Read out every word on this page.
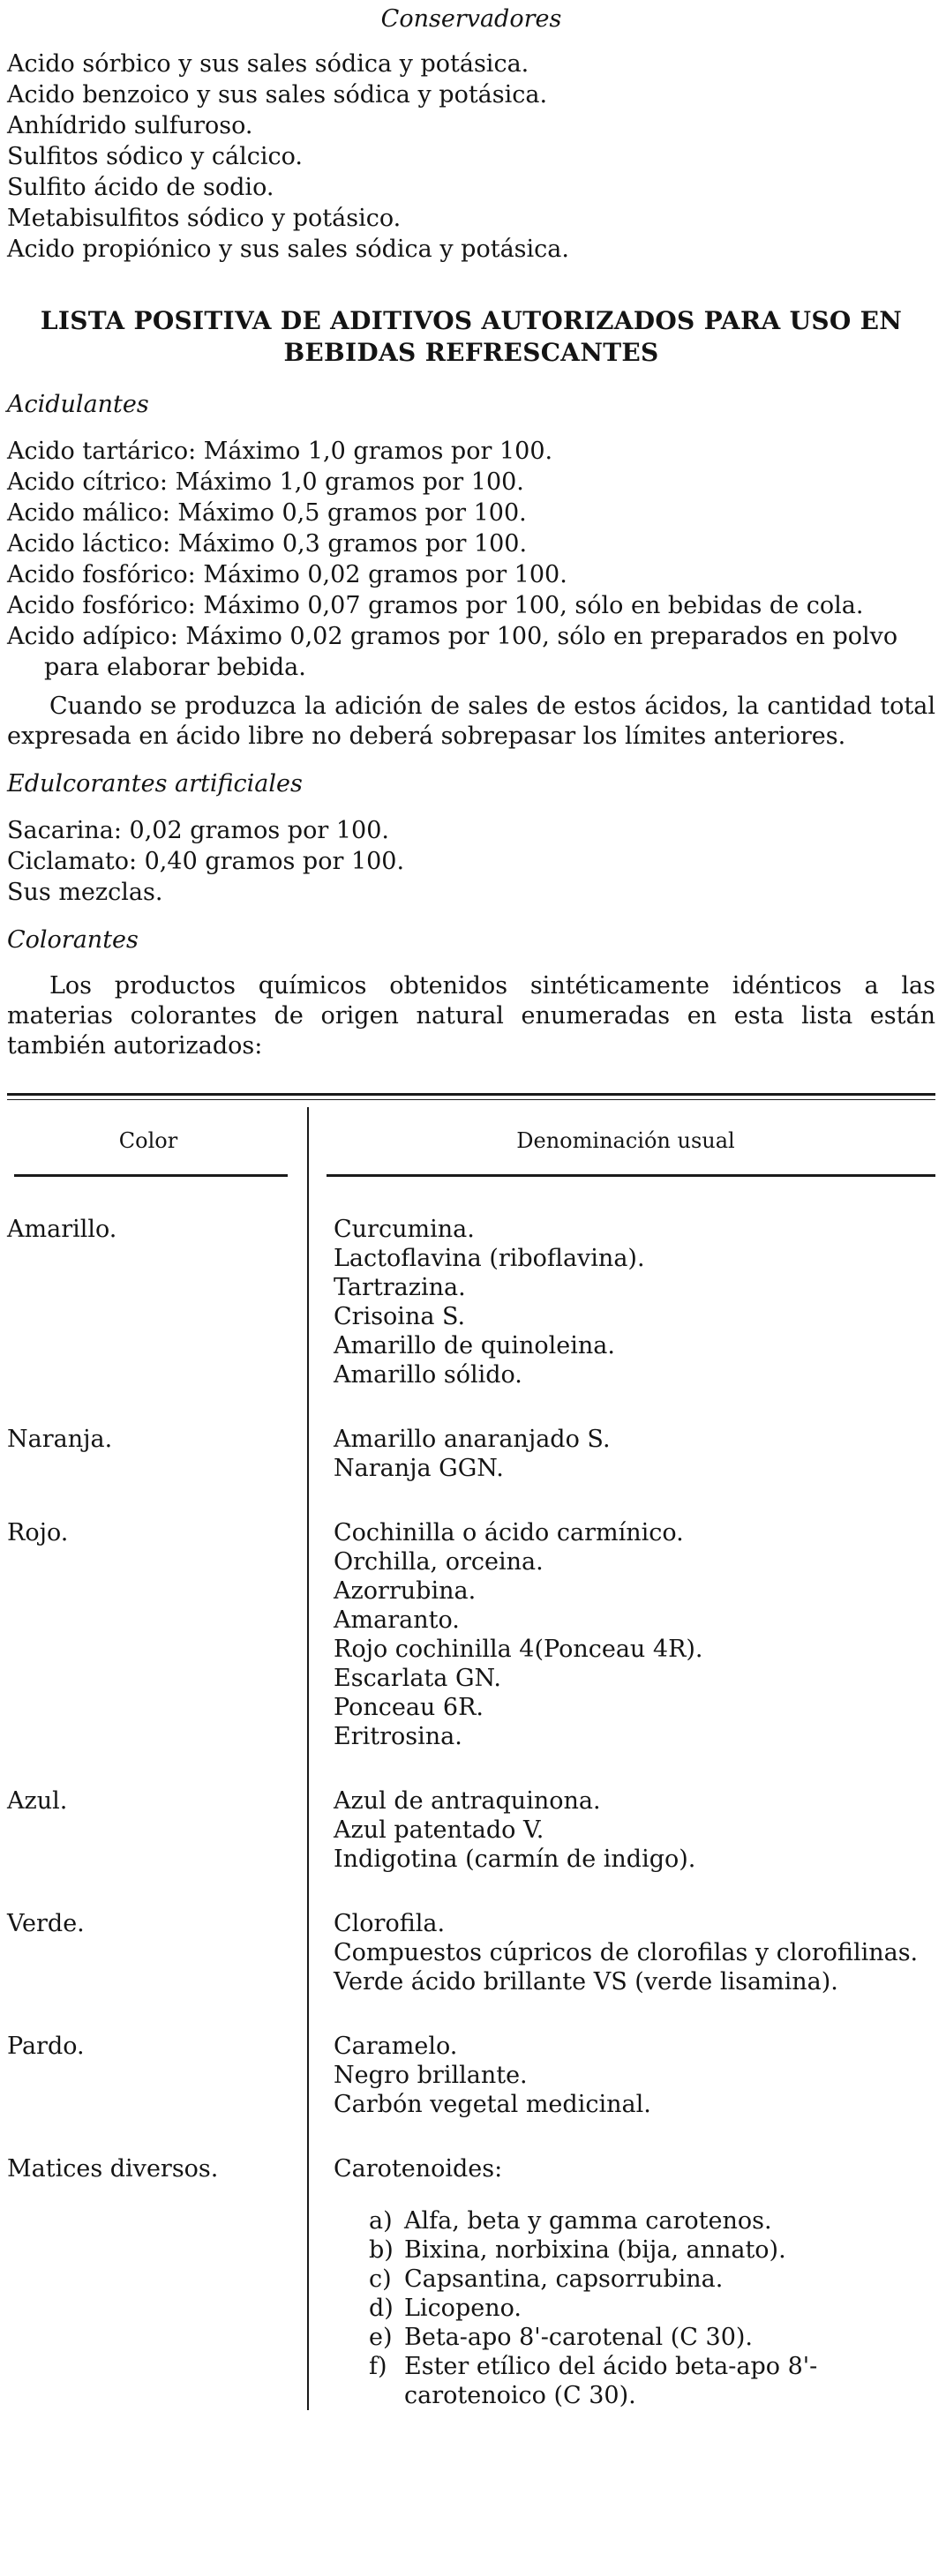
Conservadores

Acido sórbico y sus sales sódica y potásica.

Acido benzoico y sus sales sódica y potásica.

Anhídrido sulfuroso.

Sulfitos sódico y cálcico.

Sulfito ácido de sodio.

Metabisulfitos sódico y potásico.

Acido propiónico y sus sales sódica y potásica.

LISTA POSITIVA DE ADITIVOS AUTORIZADOS PARA USO EN BEBIDAS REFRESCANTES
Acidulantes

Acido tartárico: Máximo 1,0 gramos por 100.

Acido cítrico: Máximo 1,0 gramos por 100.

Acido málico: Máximo 0,5 gramos por 100.

Acido láctico: Máximo 0,3 gramos por 100.

Acido fosfórico: Máximo 0,02 gramos por 100.

Acido fosfórico: Máximo 0,07 gramos por 100, sólo en bebidas de cola.

Acido adípico: Máximo 0,02 gramos por 100, sólo en preparados en polvo para elaborar bebida.

Cuando se produzca la adición de sales de estos ácidos, la cantidad total expresada en ácido libre no deberá sobrepasar los límites anteriores.

Edulcorantes artificiales

Sacarina: 0,02 gramos por 100.

Ciclamato: 0,40 gramos por 100.

Sus mezclas.

Colorantes

Los productos químicos obtenidos sintéticamente idénticos a las materias colorantes de origen natural enumeradas en esta lista están también autorizados:

Color	Denominación usual
Amarillo.	Curcumina.
Lactoflavina (riboflavina).
Tartrazina.
Crisoina S.
Amarillo de quinoleina.
Amarillo sólido.
Naranja.	Amarillo anaranjado S.
Naranja GGN.
Rojo.	Cochinilla o ácido carmínico.
Orchilla, orceina.
Azorrubina.
Amaranto.
Rojo cochinilla 4(Ponceau 4R).
Escarlata GN.
Ponceau 6R.
Eritrosina.
Azul.	Azul de antraquinona.
Azul patentado V.
Indigotina (carmín de indigo).
Verde.	Clorofila.
Compuestos cúpricos de clorofilas y clorofilinas.
Verde ácido brillante VS (verde lisamina).
Pardo.	Caramelo.
Negro brillante.
Carbón vegetal medicinal.
Matices diversos.	Carotenoides:
a) Alfa, beta y gamma carotenos.
b) Bixina, norbixina (bija, annato).
c) Capsantina, capsorrubina.
d) Licopeno.
e) Beta-apo 8'-carotenal (C 30).
f) Ester etílico del ácido beta-apo 8'-carotenoico (C 30).
